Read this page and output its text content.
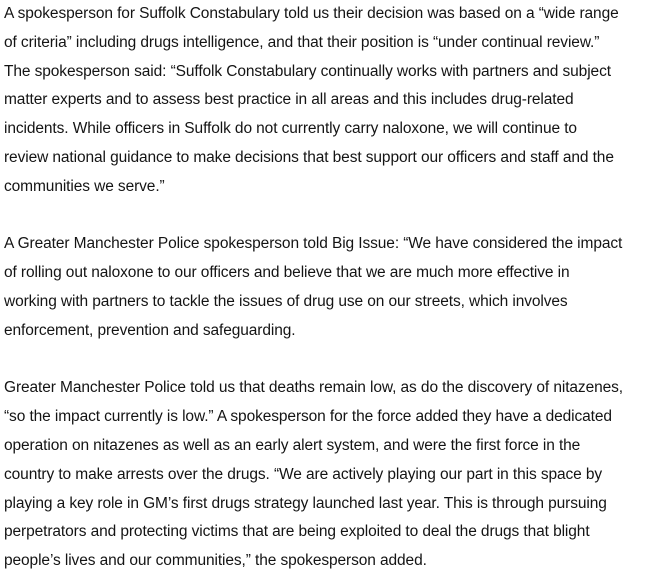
A spokesperson for Suffolk Constabulary told us their decision was based on a “wide range
of criteria” including drugs intelligence, and that their position is “under continual review.”
The spokesperson said: “Suffolk Constabulary continually works with partners and subject
matter experts and to assess best practice in all areas and this includes drug-related
incidents. While officers in Suffolk do not currently carry naloxone, we will continue to
review national guidance to make decisions that best support our officers and staff and the
communities we serve.”

A Greater Manchester Police spokesperson told Big Issue: “We have considered the impact
of rolling out naloxone to our officers and believe that we are much more effective in
working with partners to tackle the issues of drug use on our streets, which involves
enforcement, prevention and safeguarding.

Greater Manchester Police told us that deaths remain low, as do the discovery of nitazenes,
“so the impact currently is low.” A spokesperson for the force added they have a dedicated
operation on nitazenes as well as an early alert system, and were the first force in the
country to make arrests over the drugs. “We are actively playing our part in this space by
playing a key role in GM’s first drugs strategy launched last year. This is through pursuing
perpetrators and protecting victims that are being exploited to deal the drugs that blight
people’s lives and our communities,” the spokesperson added.
